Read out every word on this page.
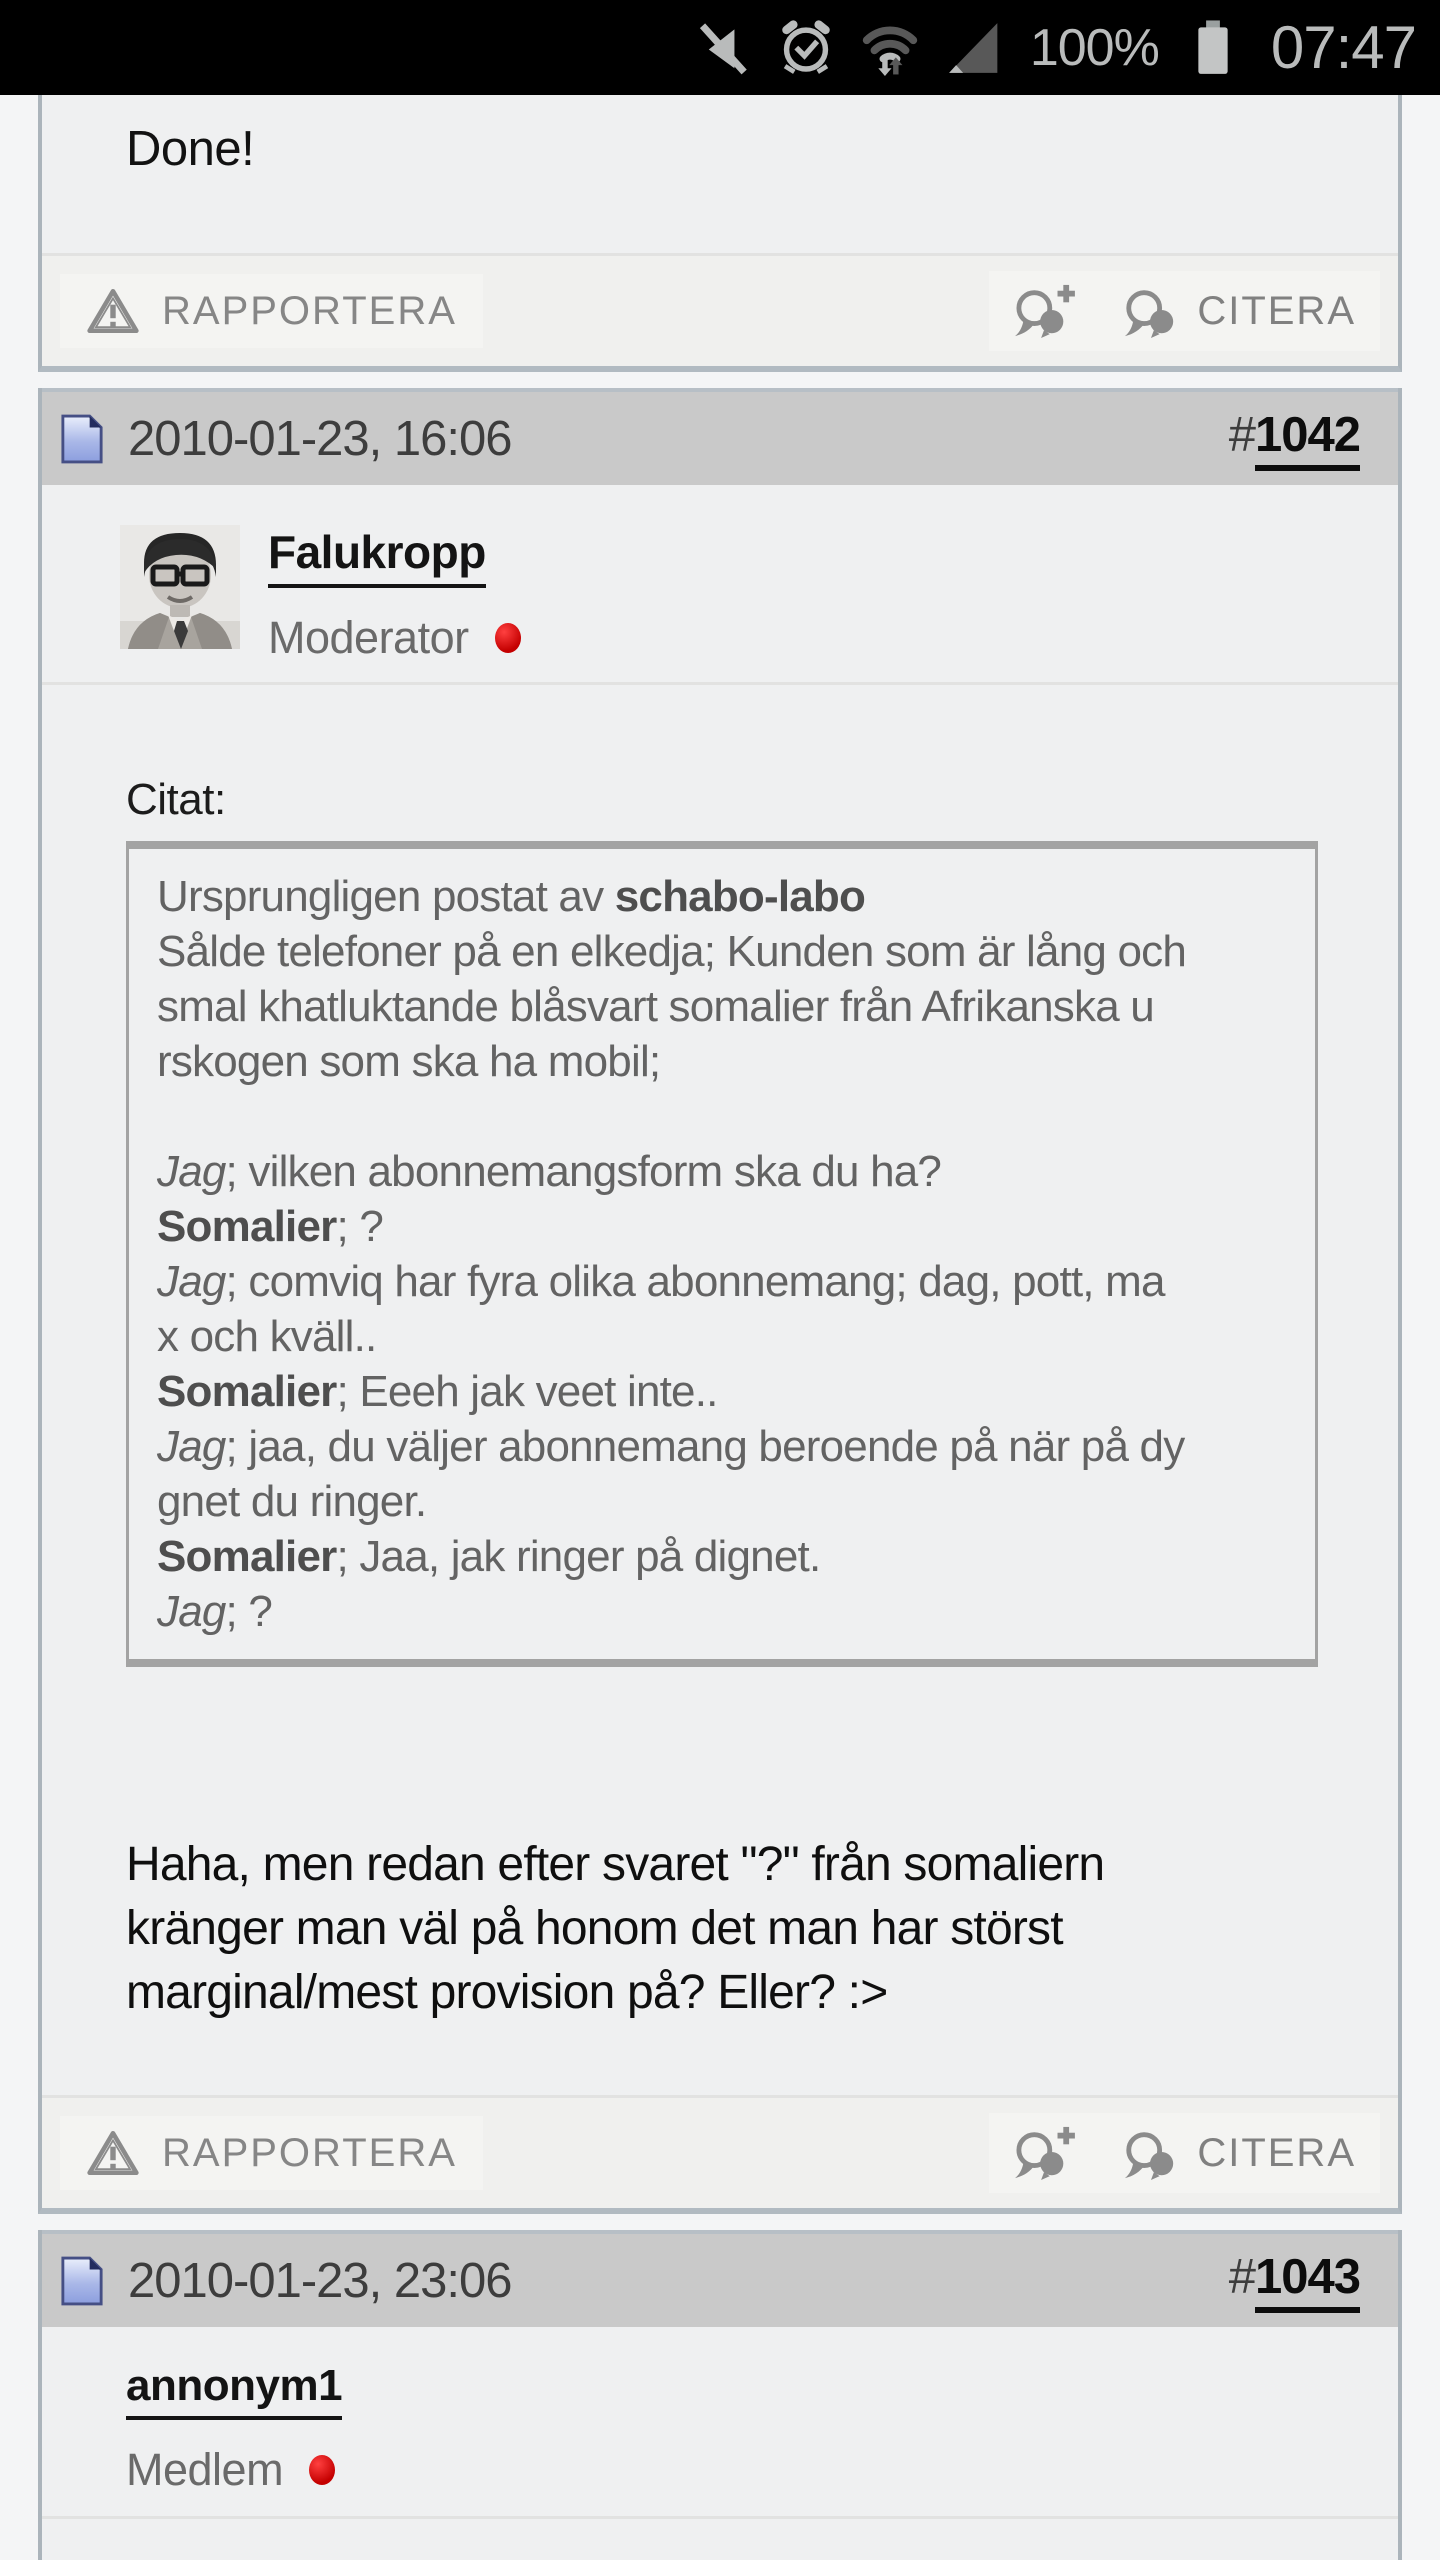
100% 07:47
Done!
RAPPORTERA	CITERA
2010-01-23, 16:06	#1042
Falukropp
Moderator
Citat:
Ursprungligen postat av schabo-labo
Sålde telefoner på en elkedja; Kunden som är lång och
smal khatluktande blåsvart somalier från Afrikanska u
rskogen som ska ha mobil;

Jag; vilken abonnemangsform ska du ha?
Somalier; ?
Jag; comviq har fyra olika abonnemang; dag, pott, ma
x och kväll..
Somalier; Eeeh jak veet inte..
Jag; jaa, du väljer abonnemang beroende på när på dy
gnet du ringer.
Somalier; Jaa, jak ringer på dignet.
Jag; ?
Haha, men redan efter svaret "?" från somaliern
kränger man väl på honom det man har störst
marginal/mest provision på? Eller? :>
RAPPORTERA	CITERA
2010-01-23, 23:06	#1043
annonym1
Medlem
